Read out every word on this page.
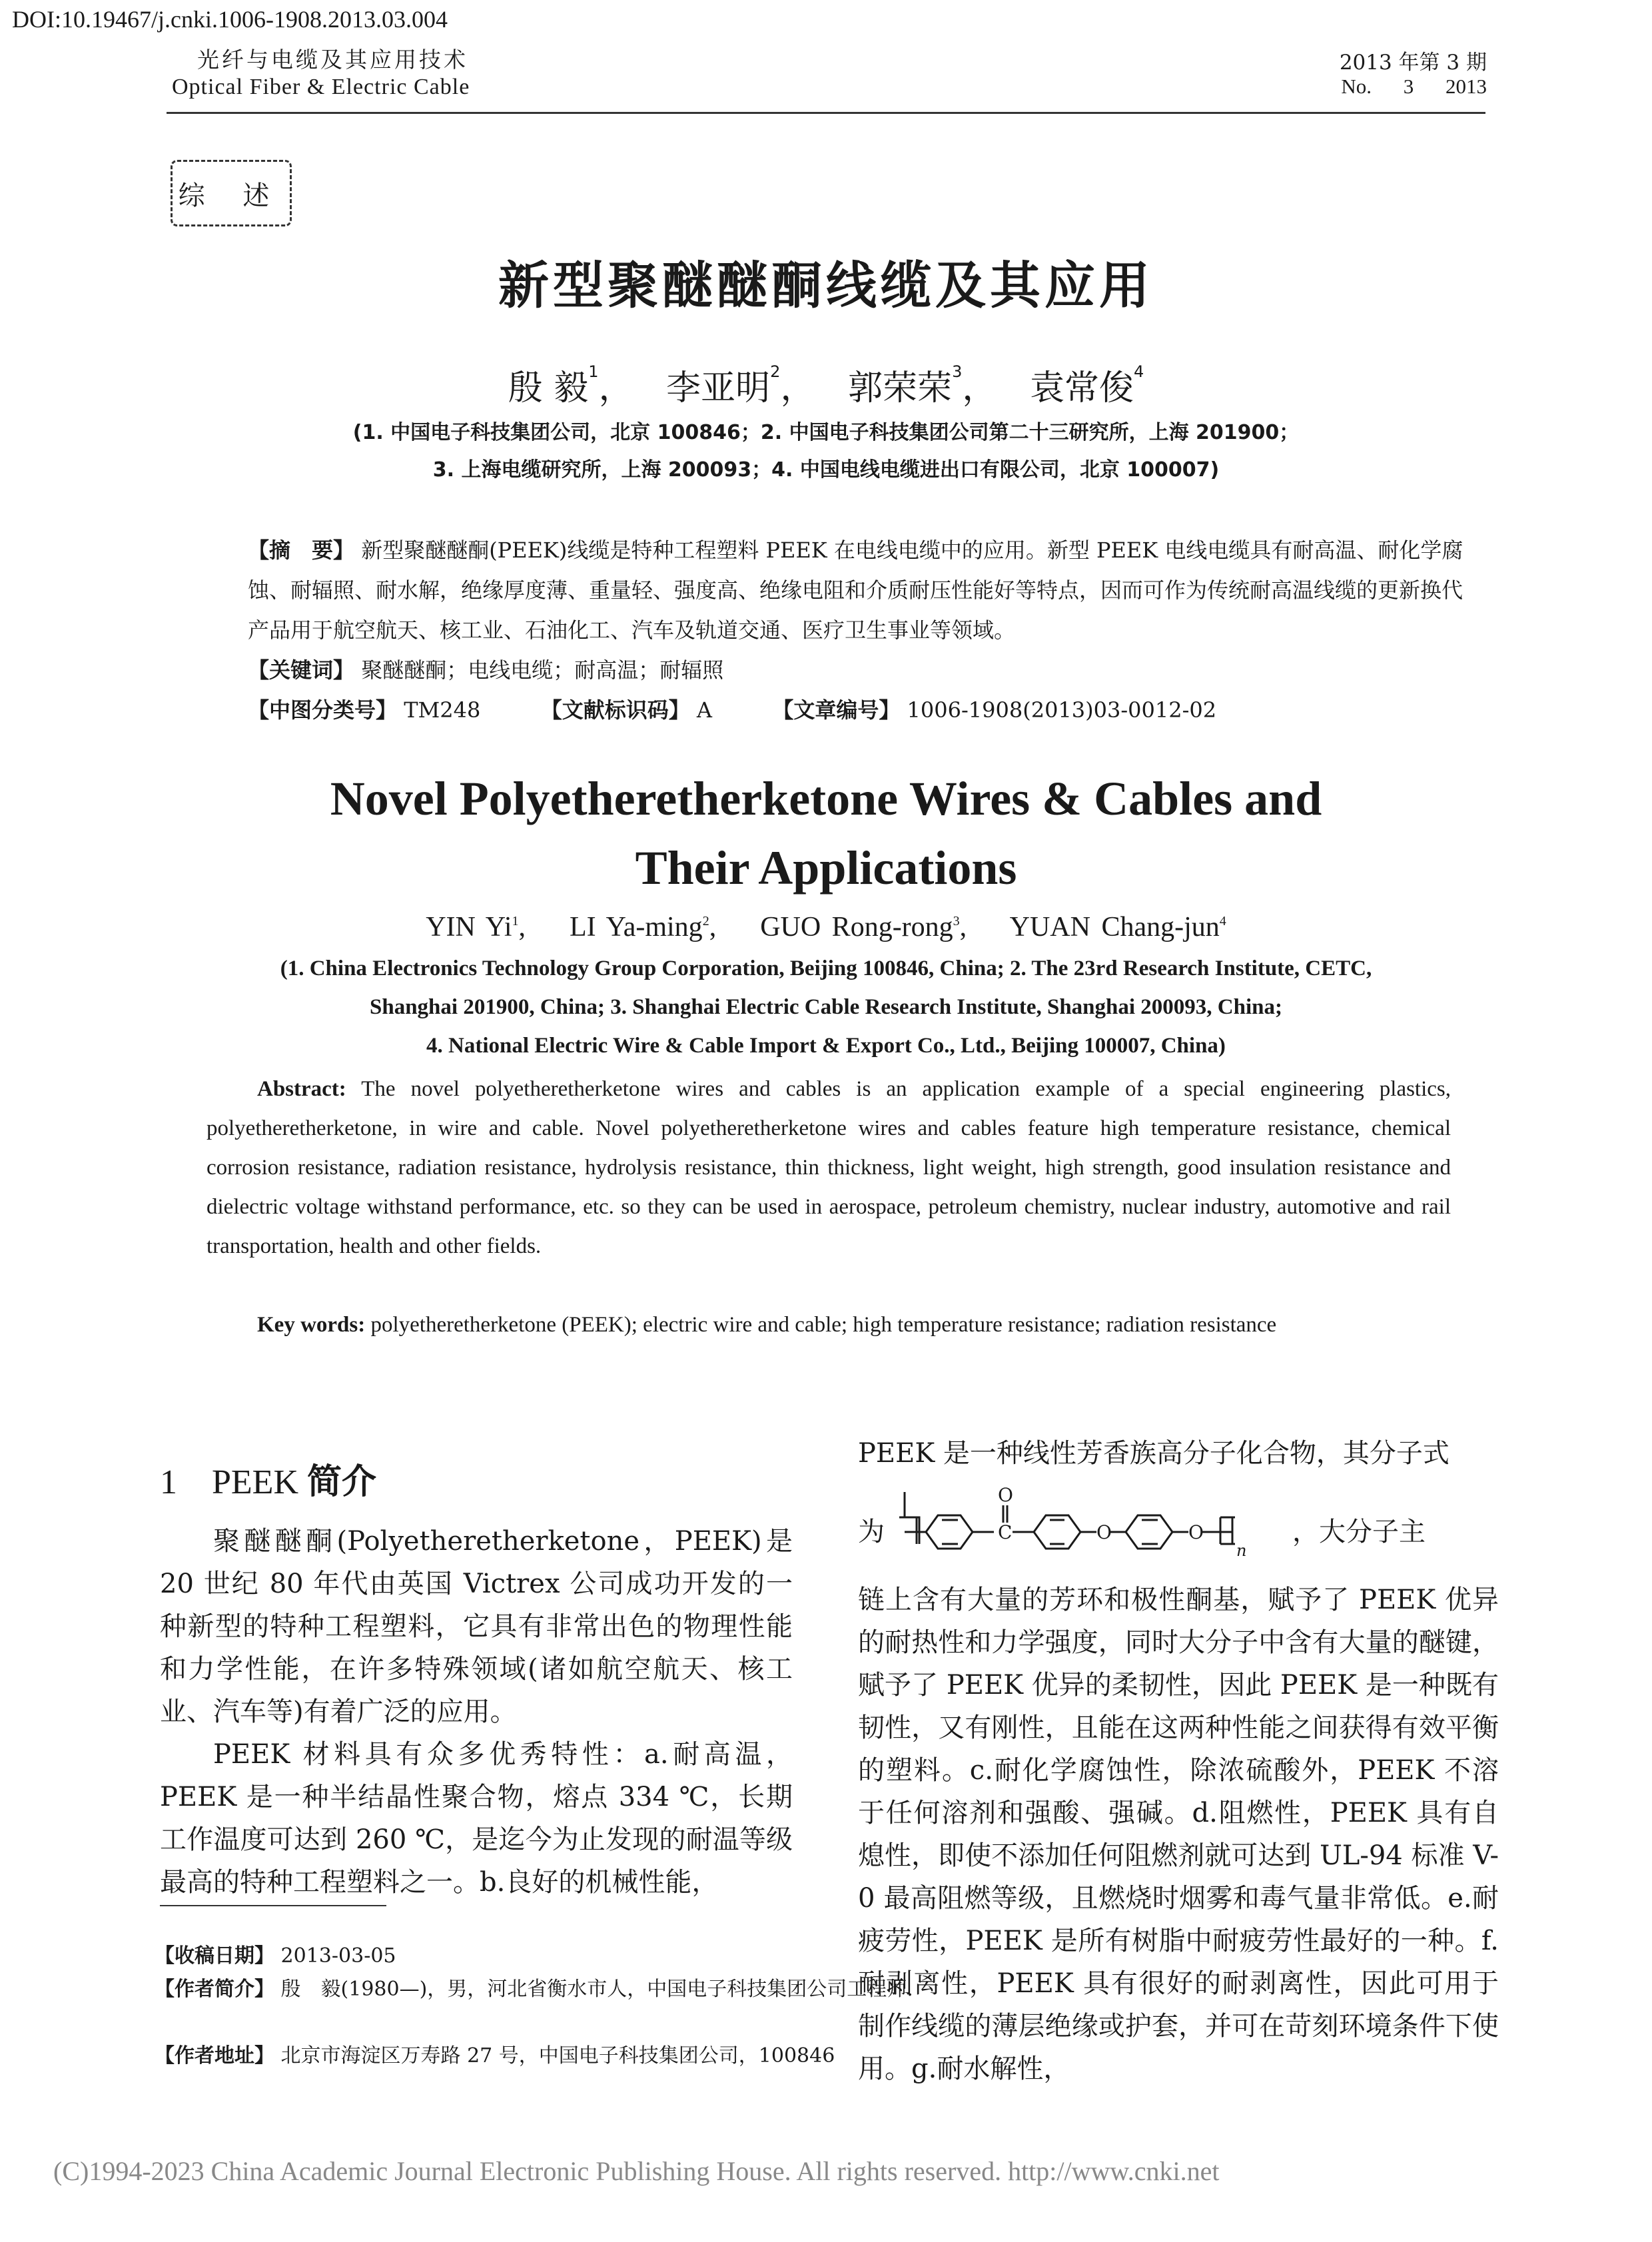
DOI:10.19467/j.cnki.1006-1908.2013.03.004
光纤与电缆及其应用技术
Optical Fiber & Electric Cable
2013 年第 3 期
No. 3 2013
综 述
新型聚醚醚酮线缆及其应用
殷 毅$^1$，   李亚明$^2$，   郭荣荣$^3$，   袁常俊$^4$
(1. 中国电子科技集团公司，北京 100846；2. 中国电子科技集团公司第二十三研究所，上海 201900；
3. 上海电缆研究所，上海 200093；4. 中国电线电缆进出口有限公司，北京 100007)
【摘　要】 新型聚醚醚酮(PEEK)线缆是特种工程塑料 PEEK 在电线电缆中的应用。新型 PEEK 电线电缆具有耐高温、耐化学腐蚀、耐辐照、耐水解，绝缘厚度薄、重量轻、强度高、绝缘电阻和介质耐压性能好等特点，因而可作为传统耐高温线缆的更新换代产品用于航空航天、核工业、石油化工、汽车及轨道交通、医疗卫生事业等领域。
【关键词】 聚醚醚酮；电线电缆；耐高温；耐辐照
【中图分类号】 TM248	【文献标识码】 A	【文章编号】 1006-1908(2013)03-0012-02
Novel Polyetheretherketone Wires & Cables and
Their Applications
YIN Yi$^1$,    LI Ya-ming$^2$,    GUO Rong-rong$^3$,    YUAN Chang-jun$^4$
(1. China Electronics Technology Group Corporation, Beijing 100846, China; 2. The 23rd Research Institute, CETC,
Shanghai 201900, China; 3. Shanghai Electric Cable Research Institute, Shanghai 200093, China;
4. National Electric Wire & Cable Import & Export Co., Ltd., Beijing 100007, China)
Abstract: The novel polyetheretherketone wires and cables is an application example of a special engineering plastics, polyetheretherketone, in wire and cable. Novel polyetheretherketone wires and cables feature high temperature resistance, chemical corrosion resistance, radiation resistance, hydrolysis resistance, thin thickness, light weight, high strength, good insulation resistance and dielectric voltage withstand performance, etc. so they can be used in aerospace, petroleum chemistry, nuclear industry, automotive and rail transportation, health and other fields.
Key words: polyetheretherketone (PEEK); electric wire and cable; high temperature resistance; radiation resistance
1 PEEK 简介
聚醚醚酮(Polyetheretherketone，PEEK)是 20 世纪 80 年代由英国 Victrex 公司成功开发的一种新型的特种工程塑料，它具有非常出色的物理性能和力学性能，在许多特殊领域(诸如航空航天、核工业、汽车等)有着广泛的应用。
PEEK 材料具有众多优秀特性：a.耐高温，PEEK 是一种半结晶性聚合物，熔点 334 ℃，长期工作温度可达到 260 ℃，是迄今为止发现的耐温等级最高的特种工程塑料之一。b.良好的机械性能，
PEEK 是一种线性芳香族高分子化合物，其分子式
为
O
C	O	O
n
，大分子主
链上含有大量的芳环和极性酮基，赋予了 PEEK 优异的耐热性和力学强度，同时大分子中含有大量的醚键，赋予了 PEEK 优异的柔韧性，因此 PEEK 是一种既有韧性，又有刚性，且能在这两种性能之间获得有效平衡的塑料。c.耐化学腐蚀性，除浓硫酸外，PEEK 不溶于任何溶剂和强酸、强碱。d.阻燃性，PEEK 具有自熄性，即使不添加任何阻燃剂就可达到 UL-94 标准 V-0 最高阻燃等级，且燃烧时烟雾和毒气量非常低。e.耐疲劳性，PEEK 是所有树脂中耐疲劳性最好的一种。f.耐剥离性，PEEK 具有很好的耐剥离性，因此可用于制作线缆的薄层绝缘或护套，并可在苛刻环境条件下使用。g.耐水解性，
【收稿日期】 2013-03-05
【作者简介】 殷　毅(1980—)，男，河北省衡水市人，中国电子科技集团公司工程师.
【作者地址】 北京市海淀区万寿路 27 号，中国电子科技集团公司，100846
(C)1994-2023 China Academic Journal Electronic Publishing House. All rights reserved. http://www.cnki.net
